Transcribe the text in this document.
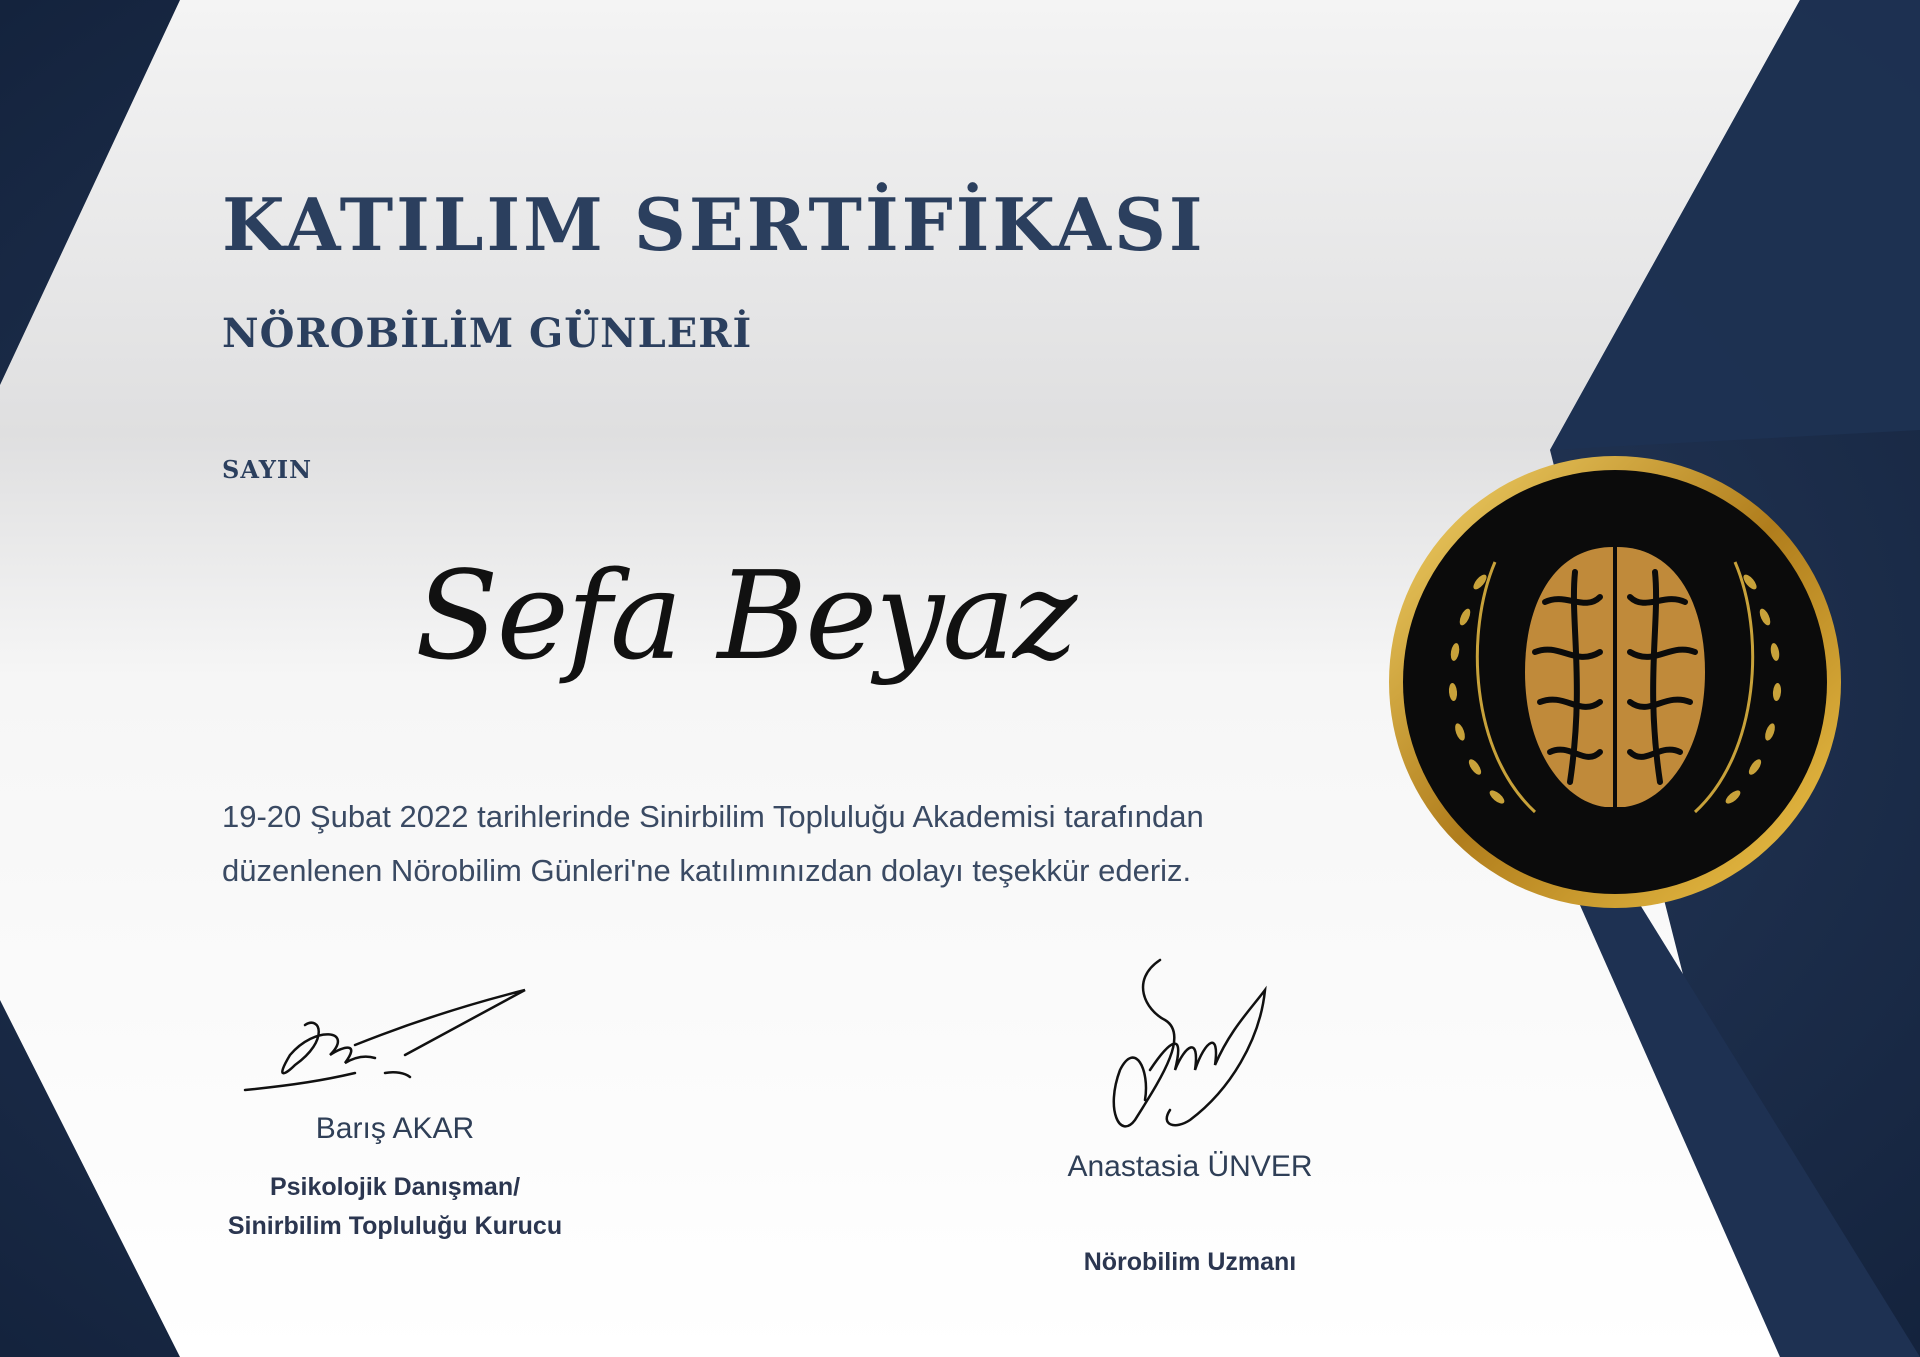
KATILIM SERTİFİKASI
NÖROBİLİM GÜNLERİ
SAYIN
Sefa Beyaz

19-20 Şubat 2022 tarihlerinde Sinirbilim Topluluğu Akademisi tarafından düzenlenen Nörobilim Günleri'ne katılımınızdan dolayı teşekkür ederiz.

Barış AKAR
Psikolojik Danışman/ Sinirbilim Topluluğu Kurucu
Anastasia ÜNVER
Nörobilim Uzmanı
